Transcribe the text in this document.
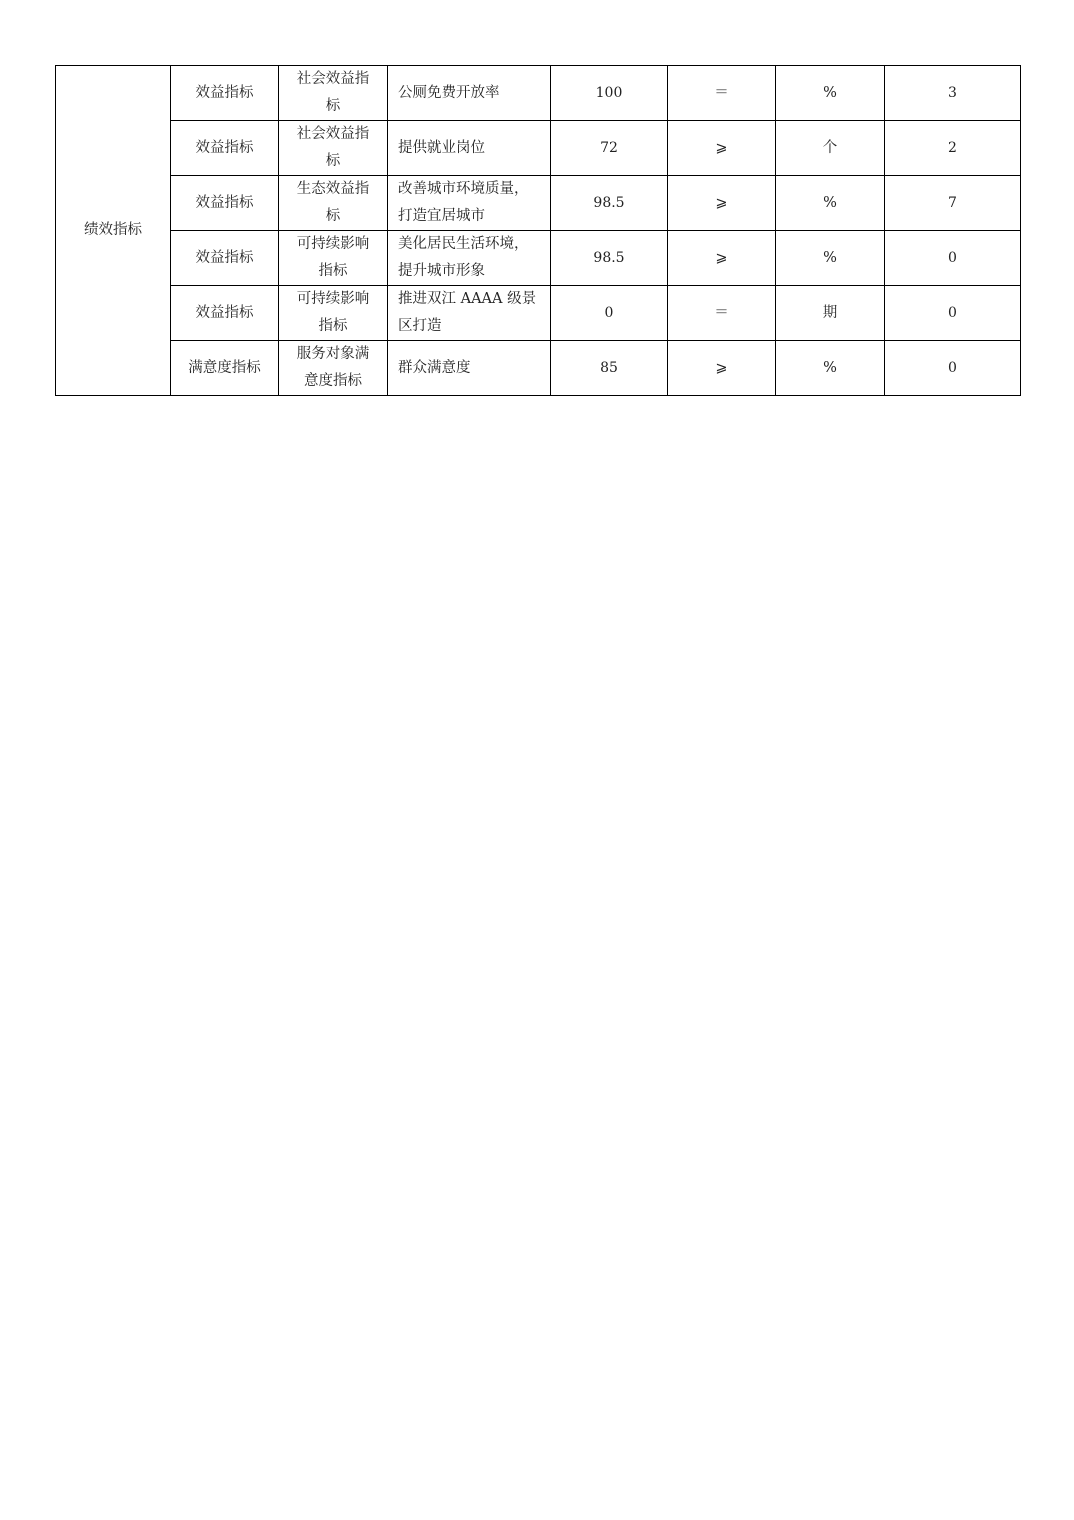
绩效指标	效益指标	社会效益指标	公厕免费开放率	100	＝	%	3
	效益指标	社会效益指标	提供就业岗位	72	⩾	个	2
	效益指标	生态效益指标	改善城市环境质量，打造宜居城市	98.5	⩾	%	7
	效益指标	可持续影响指标	美化居民生活环境，提升城市形象	98.5	⩾	%	0
	效益指标	可持续影响指标	推进双江 AAAA 级景区打造	0	＝	期	0
	满意度指标	服务对象满意度指标	群众满意度	85	⩾	%	0
